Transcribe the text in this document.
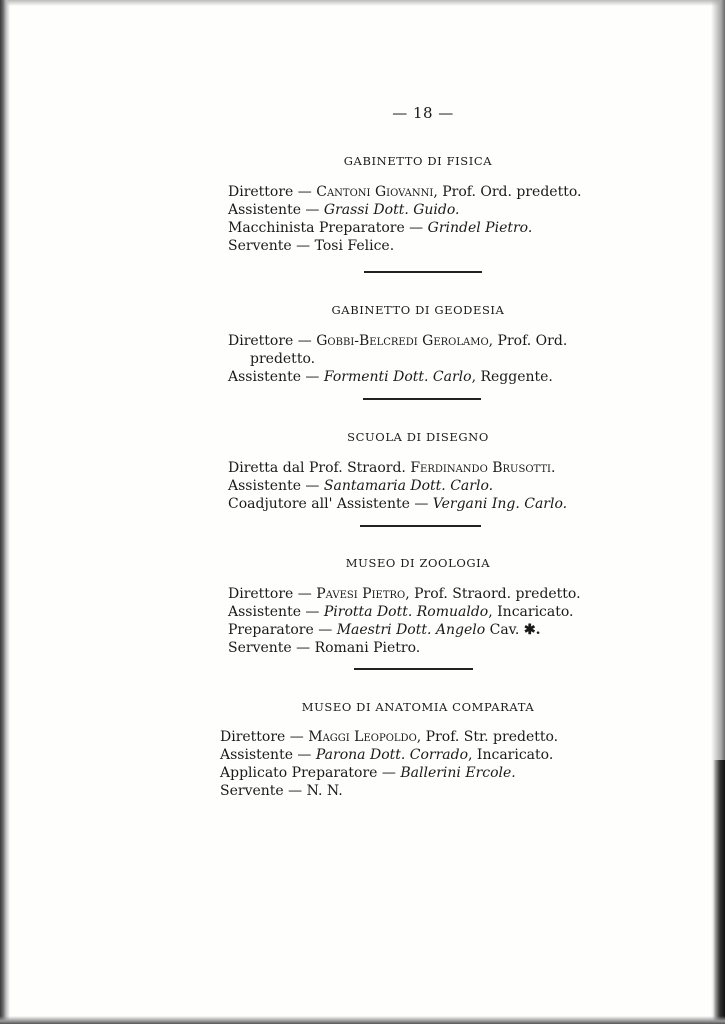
— 18 —
GABINETTO DI FISICA
Direttore — Cantoni Giovanni, Prof. Ord. predetto.
Assistente — Grassi Dott. Guido.
Macchinista Preparatore — Grindel Pietro.
Servente — Tosi Felice.
GABINETTO DI GEODESIA
Direttore — Gobbi-Belcredi Gerolamo, Prof. Ord.
predetto.
Assistente — Formenti Dott. Carlo, Reggente.
SCUOLA DI DISEGNO
Diretta dal Prof. Straord. Ferdinando Brusotti.
Assistente — Santamaria Dott. Carlo.
Coadjutore all' Assistente — Vergani Ing. Carlo.
MUSEO DI ZOOLOGIA
Direttore — Pavesi Pietro, Prof. Straord. predetto.
Assistente — Pirotta Dott. Romualdo, Incaricato.
Preparatore — Maestri Dott. Angelo Cav. ✱.
Servente — Romani Pietro.
MUSEO DI ANATOMIA COMPARATA
Direttore — Maggi Leopoldo, Prof. Str. predetto.
Assistente — Parona Dott. Corrado, Incaricato.
Applicato Preparatore — Ballerini Ercole.
Servente — N. N.
